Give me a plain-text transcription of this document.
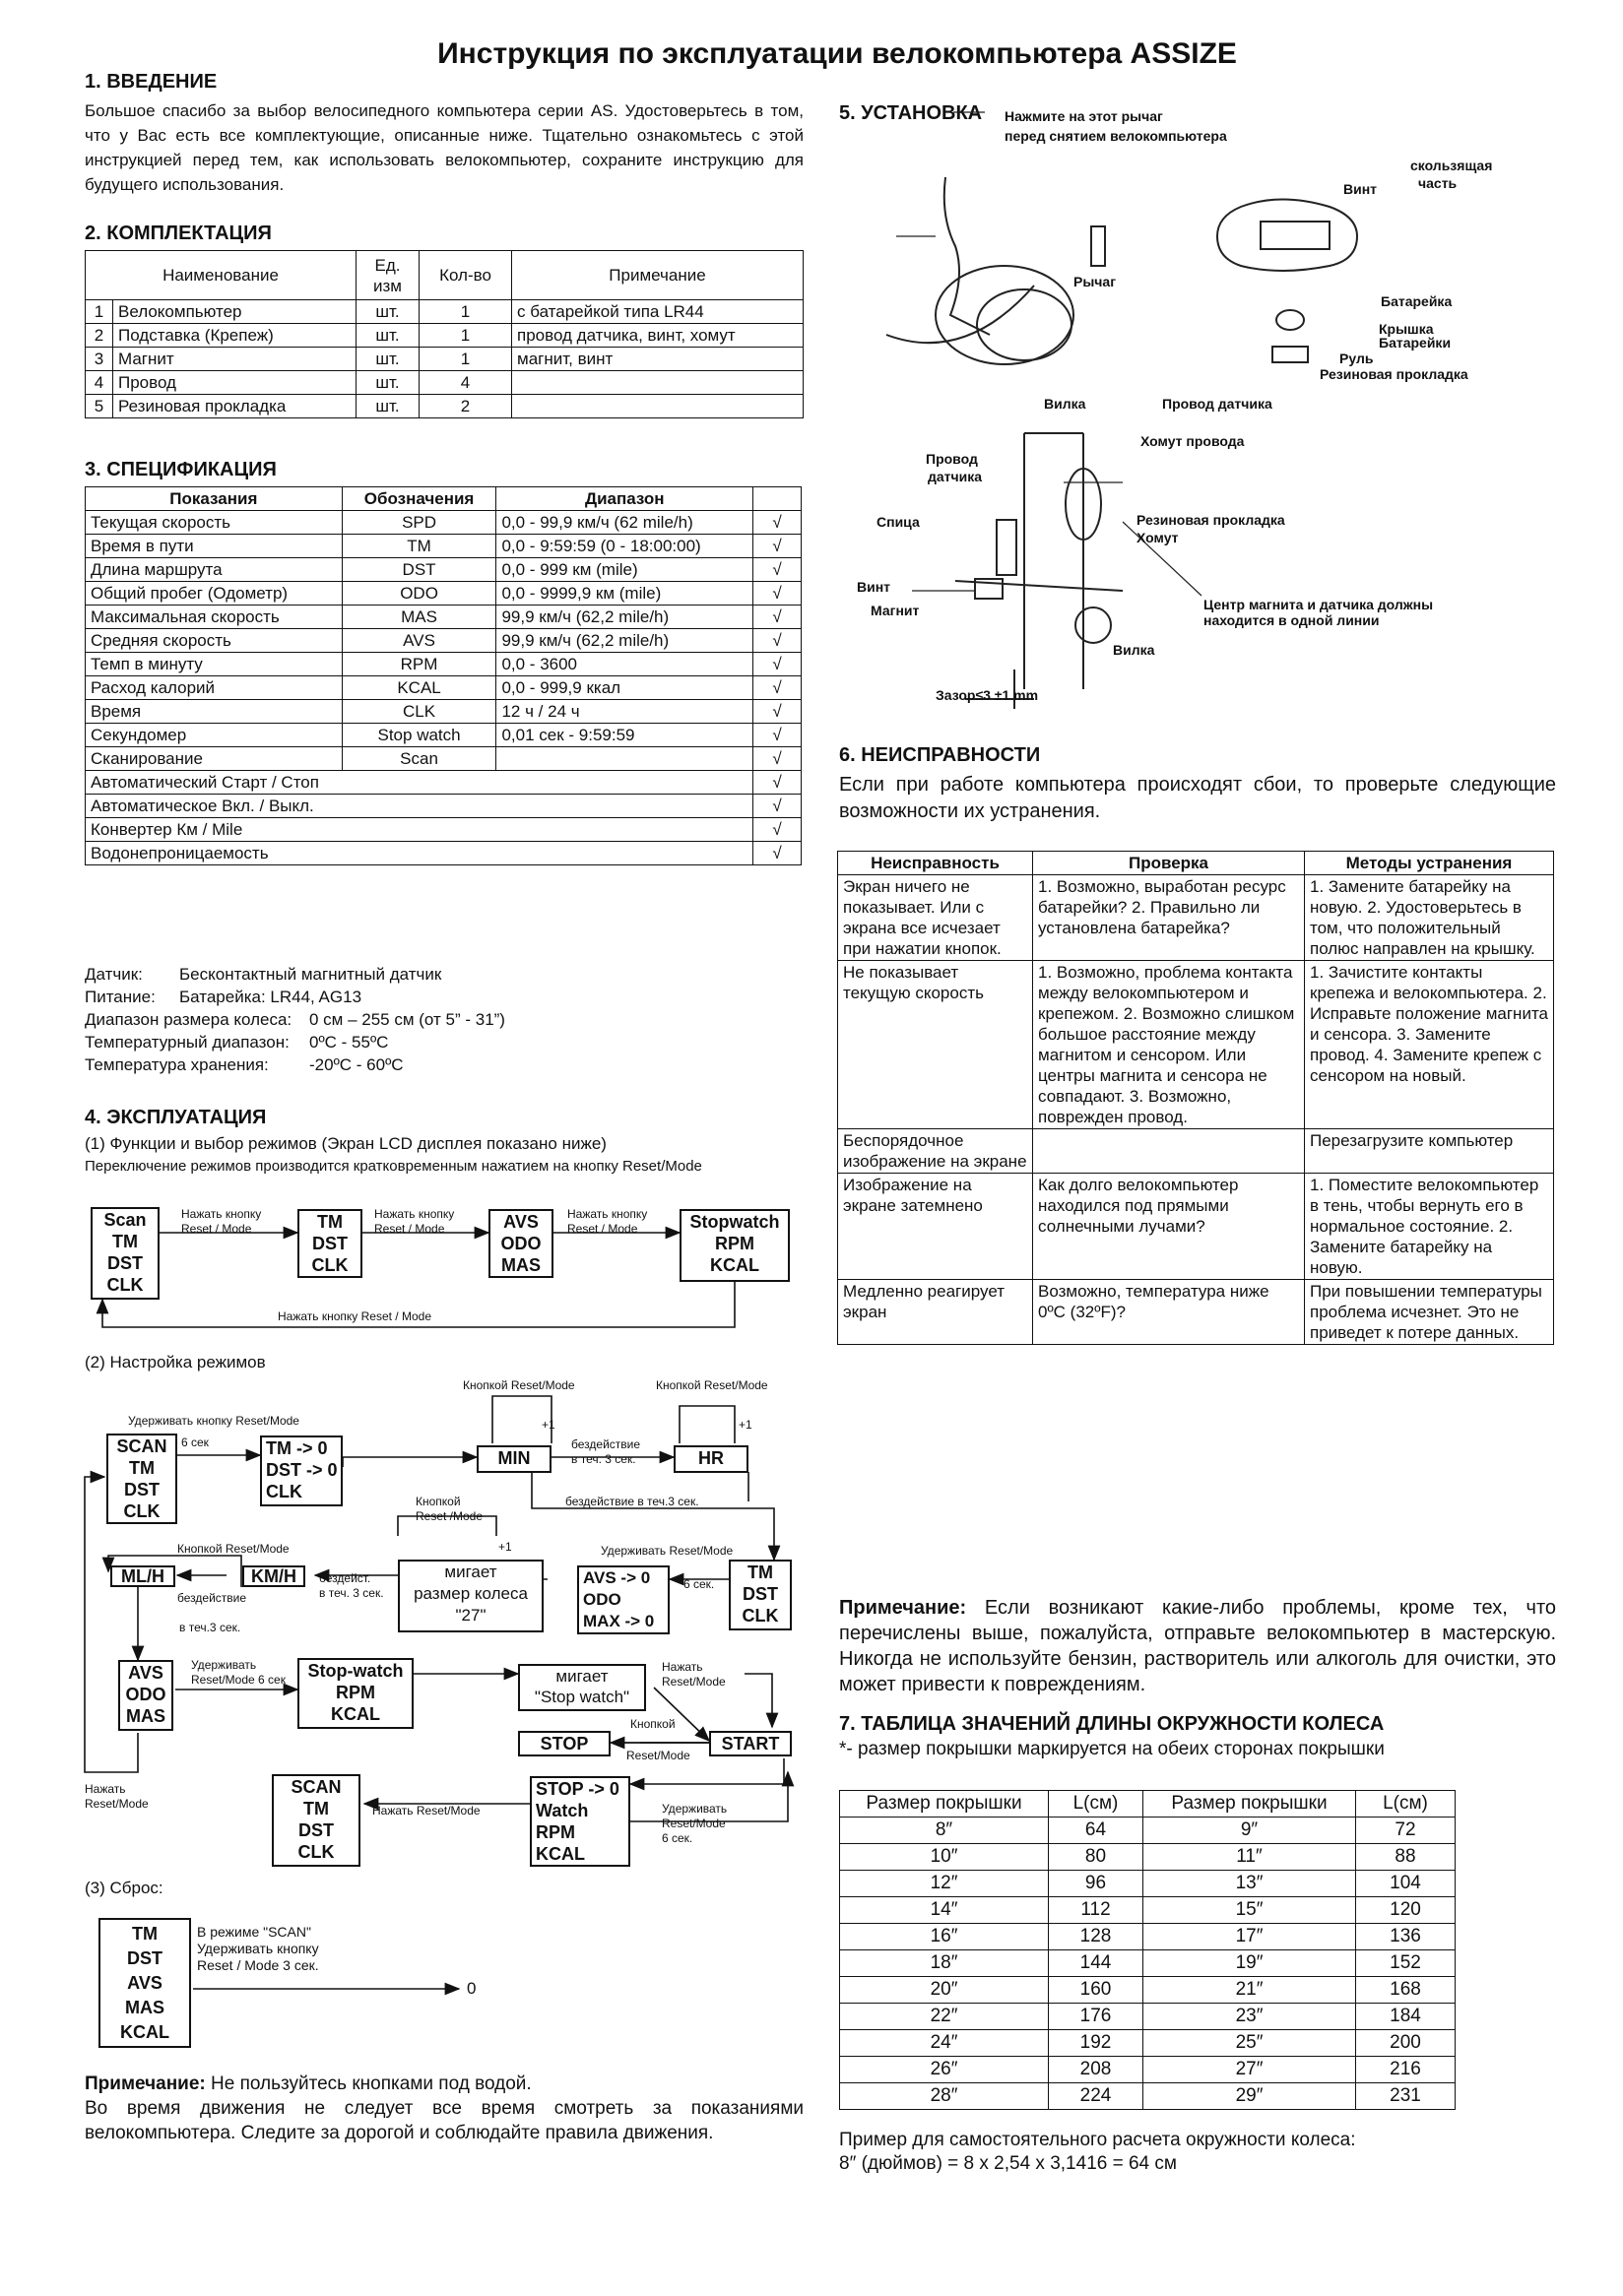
Инструкция по эксплуатации велокомпьютера ASSIZE
1. ВВЕДЕНИЕ
Большое спасибо за выбор велосипедного компьютера серии AS. Удостоверьтесь в том, что у Вас есть все комплектующие, описанные ниже. Тщательно ознакомьтесь с этой инструкцией перед тем, как использовать велокомпьютер, сохраните инструкцию для будущего использования.
2. КОМПЛЕКТАЦИЯ
Наименование		Ед. изм	Кол-во	Примечание
1	Велокомпьютер	шт.	1	с батарейкой типа LR44
2	Подставка (Крепеж)	шт.	1	провод датчика, винт, хомут
3	Магнит	шт.	1	магнит, винт
4	Провод	шт.	4	
5	Резиновая прокладка	шт.	2	
3. СПЕЦИФИКАЦИЯ
Показания	Обозначения	Диапазон	
Текущая скорость	SPD	0,0 - 99,9 км/ч (62 mile/h)	√
Время в пути	TM	0,0 - 9:59:59 (0 - 18:00:00)	√
Длина маршрута	DST	0,0 - 999 км (mile)	√
Общий пробег (Одометр)	ODO	0,0 - 9999,9 км (mile)	√
Максимальная скорость	MAS	99,9 км/ч (62,2 mile/h)	√
Средняя скорость	AVS	99,9 км/ч (62,2 mile/h)	√
Темп в минуту	RPM	0,0 - 3600	√
Расход калорий	KCAL	0,0 - 999,9 ккал	√
Время	CLK	12 ч / 24 ч	√
Секундомер	Stop watch	0,01 сек - 9:59:59	√
Сканирование	Scan		√
Автоматический Старт / Стоп			√
Автоматическое Вкл. / Выкл.			√
Конвертер Км / Mile			√
Водонепроницаемость			√
Датчик:	Бесконтактный магнитный датчик
Питание:	Батарейка: LR44, AG13
Диапазон размера колеса:	0 см – 255 см (от 5” - 31”)
Температурный диапазон:	0ºC - 55ºC
Температура хранения:	-20ºC - 60ºC
4. ЭКСПЛУАТАЦИЯ
(1) Функции и выбор режимов (Экран LCD дисплея показано ниже)
Переключение режимов производится кратковременным нажатием на кнопку Reset/Mode
Scan
TM
DST
CLK
TM
DST
CLK
AVS
ODO
MAS
Stopwatch
RPM
KCAL
Нажать кнопку
Reset / Mode
Нажать кнопку
Reset / Mode
Нажать кнопку
Reset / Mode
Нажать кнопку Reset / Mode
(2) Настройка режимов
SCAN
TM
DST
CLK
TM -> 0
DST -> 0
CLK
MIN	HR
TM
DST
CLK
AVS -> 0
ODO
MAX -> 0
мигает
размер колеса
"27"
KM/H
ML/H
AVS
ODO
MAS
Stop-watch
RPM
KCAL
мигает
"Stop watch"
STOP	START
SCAN
TM
DST
CLK
STOP -> 0
Watch
RPM
KCAL
Удерживать кнопку Reset/Mode
6 сек
Кнопкой Reset/Mode	Кнопкой Reset/Mode
+1	+1
бездействие
в теч. 3 сек.
бездействие в теч.3 сек.
Кнопкой
Reset /Mode
+1
Кнопкой Reset/Mode
бездейст.
в теч. 3 сек.
Удерживать Reset/Mode
6 сек.
бездействие
в теч.3 сек.
Удерживать
Reset/Mode 6 сек
Нажать
Reset/Mode
Кнопкой
Reset/Mode
Нажать
Reset/Mode	Нажать Reset/Mode	Удерживать
Reset/Mode
6 сек.
(3) Сброс:
TM
DST
AVS
MAS
KCAL
В режиме "SCAN"
Удерживать кнопку
Reset / Mode 3 сек.
0
Примечание: Не пользуйтесь кнопками под водой.
Во время движения не следует все время смотреть за показаниями велокомпьютера. Следите за дорогой и соблюдайте правила движения.
5. УСТАНОВКА Нажмите на этот рычаг
перед снятием велокомпьютера
скользящая
часть
Винт
Рычаг
Батарейка
Крышка
Батарейки
Руль
Резиновая прокладка
Вилка	Провод датчика
Хомут провода
Провод
датчика
Резиновая прокладка
Хомут
Спица
Винт
Магнит	Центр магнита и датчика должны
находится в одной линии
Вилка
Зазор≤3 ±1 mm
6. НЕИСПРАВНОСТИ
Если при работе компьютера происходят сбои, то проверьте следующие возможности их устранения.
Неисправность	Проверка	Методы устранения
Экран ничего не показывает. Или с экрана все исчезает при нажатии кнопок.	1. Возможно, выработан ресурс батарейки? 2. Правильно ли установлена батарейка?	1. Замените батарейку на новую. 2. Удостоверьтесь в том, что положительный полюс направлен на крышку.
Не показывает текущую скорость	1. Возможно, проблема контакта между велокомпьютером и крепежом. 2. Возможно слишком большое расстояние между магнитом и сенсором. Или центры магнита и сенсора не совпадают. 3. Возможно, поврежден провод.	1. Зачистите контакты крепежа и велокомпьютера. 2. Исправьте положение магнита и сенсора. 3. Замените провод. 4. Замените крепеж с сенсором на новый.
Беспорядочное изображение на экране		Перезагрузите компьютер
Изображение на экране затемнено	Как долго велокомпьютер находился под прямыми солнечными лучами?	1. Поместите велокомпьютер в тень, чтобы вернуть его в нормальное состояние. 2. Замените батарейку на новую.
Медленно реагирует экран	Возможно, температура ниже 0ºC (32ºF)?	При повышении температуры проблема исчезнет. Это не приведет к потере данных.
Примечание: Если возникают какие-либо проблемы, кроме тех, что перечислены выше, пожалуйста, отправьте велокомпьютер в мастерскую. Никогда не используйте бензин, растворитель или алкоголь для очистки, это может привести к повреждениям.
7. ТАБЛИЦА ЗНАЧЕНИЙ ДЛИНЫ ОКРУЖНОСТИ КОЛЕСА
*- размер покрышки маркируется на обеих сторонах покрышки
Размер покрышки	L(см)	Размер покрышки	L(см)
8″	64	9″	72
10″	80	11″	88
12″	96	13″	104
14″	112	15″	120
16″	128	17″	136
18″	144	19″	152
20″	160	21″	168
22″	176	23″	184
24″	192	25″	200
26″	208	27″	216
28″	224	29″	231
Пример для самостоятельного расчета окружности колеса:
8″ (дюймов) = 8 x 2,54 x 3,1416 = 64 см
